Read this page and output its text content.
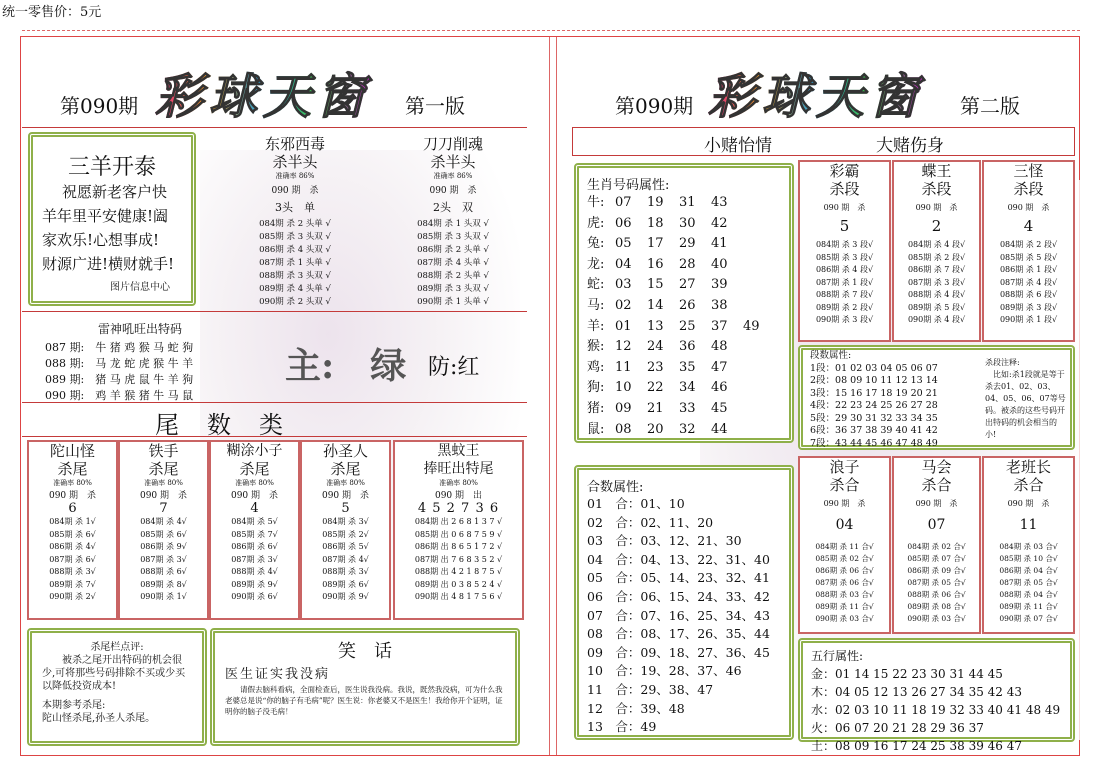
统一零售价：5元
第090期 彩球天窗 第一版
三羊开泰
祝愿新老客户快
羊年里平安健康!阖
家欢乐!心想事成!
财源广进!横财就手!
图片信息中心
东邪西毒
杀半头
准确率 86%
090 期　杀
3头　单
084期 杀 2 头单 √
085期 杀 3 头双 √
086期 杀 4 头双 √
087期 杀 1 头单 √
088期 杀 3 头双 √
089期 杀 4 头单 √
090期 杀 2 头双 √
刀刀削魂
杀半头
准确率 86%
090 期　杀
2头　双
084期 杀 1 头双 √
085期 杀 3 头双 √
086期 杀 2 头单 √
087期 杀 4 头单 √
088期 杀 2 头单 √
089期 杀 3 头双 √
090期 杀 1 头单 √
雷神吼旺出特码
087 期:　牛 猪 鸡 猴 马 蛇 狗
088 期:　马 龙 蛇 虎 猴 牛 羊
089 期:　猪 马 虎 鼠 牛 羊 狗
090 期:　鸡 羊 猴 猪 牛 马 鼠
主:　绿 防:红
尾　数　类
陀山怪
杀尾
准确率 80%
090 期　杀
6
084期 杀 1√
085期 杀 6√
086期 杀 4√
087期 杀 6√
088期 杀 3√
089期 杀 7√
090期 杀 2√
铁手
杀尾
准确率 80%
090 期　杀
7
084期 杀 4√
085期 杀 6√
086期 杀 9√
087期 杀 3√
088期 杀 6√
089期 杀 8√
090期 杀 1√
糊涂小子
杀尾
准确率 80%
090 期　杀
4
084期 杀 5√
085期 杀 7√
086期 杀 6√
087期 杀 3√
088期 杀 4√
089期 杀 9√
090期 杀 6√
孙圣人
杀尾
准确率 80%
090 期　杀
5
084期 杀 3√
085期 杀 2√
086期 杀 5√
087期 杀 4√
088期 杀 3√
089期 杀 6√
090期 杀 9√
黑蚊王
捧旺出特尾
准确率 80%
090 期　出
4 5 2 7 3 6
084期 出 2 6 8 1 3 7 √
085期 出 0 6 8 7 5 9 √
086期 出 8 6 5 1 7 2 √
087期 出 7 6 8 3 5 2 √
088期 出 4 2 1 8 7 5 √
089期 出 0 3 8 5 2 4 √
090期 出 4 8 1 7 5 6 √
杀尾栏点评:
被杀之尾开出特码的机会很少,可将那些号码排除不买或少买以降低投资成本!
本期参考杀尾:
陀山怪杀尾,孙圣人杀尾。
笑　话
医生证实我没病
请假去脑科看病，全面检查后，医生说我没病。我说，既然我没病，可为什么我老婆总是说“你的脑子有毛病”呢？医生说：你老婆又不是医生！我给你开个证明，证明你的脑子没毛病！
第090期 彩球天窗 第二版
小赌怡情	大赌伤身
生肖号码属性:
牛: 07	19	31	43
虎: 06	18	30	42
兔: 05	17	29	41
龙: 04	16	28	40
蛇: 03	15	27	39
马: 02	14	26	38
羊: 01	13	25	37	49
猴: 12	24	36	48
鸡: 11	23	35	47
狗: 10	22	34	46
猪: 09	21	33	45
鼠: 08	20	32	44
彩霸
杀段
090 期　杀
5
084期 杀 3 段√
085期 杀 3 段√
086期 杀 4 段√
087期 杀 1 段√
088期 杀 7 段√
089期 杀 2 段√
090期 杀 3 段√
蝶王
杀段
090 期　杀
2
084期 杀 4 段√
085期 杀 2 段√
086期 杀 7 段√
087期 杀 3 段√
088期 杀 4 段√
089期 杀 5 段√
090期 杀 4 段√
三怪
杀段
090 期　杀
4
084期 杀 2 段√
085期 杀 5 段√
086期 杀 1 段√
087期 杀 4 段√
088期 杀 6 段√
089期 杀 3 段√
090期 杀 1 段√
段数属性:
1段：01 02 03 04 05 06 07
2段：08 09 10 11 12 13 14
3段：15 16 17 18 19 20 21
4段：22 23 24 25 26 27 28
5段：29 30 31 32 33 34 35
6段：36 37 38 39 40 41 42
7段：43 44 45 46 47 48 49
杀段注释:
比如:杀1段就是等于杀去01、02、03、04、05、06、07等号码。被杀的这些号码开出特码的机会相当的小!
合数属性:
01　合：01、10
02　合：02、11、20
03　合：03、12、21、30
04　合：04、13、22、31、40
05　合：05、14、23、32、41
06　合：06、15、24、33、42
07　合：07、16、25、34、43
08　合：08、17、26、35、44
09　合：09、18、27、36、45
10　合：19、28、37、46
11　合：29、38、47
12　合：39、48
13　合：49
浪子
杀合
090 期　杀
04
084期 杀 11 合√
085期 杀 02 合√
086期 杀 06 合√
087期 杀 06 合√
088期 杀 03 合√
089期 杀 11 合√
090期 杀 03 合√
马会
杀合
090 期　杀
07
084期 杀 02 合√
085期 杀 07 合√
086期 杀 09 合√
087期 杀 05 合√
088期 杀 06 合√
089期 杀 08 合√
090期 杀 03 合√
老班长
杀合
090 期　杀
11
084期 杀 03 合√
085期 杀 10 合√
086期 杀 04 合√
087期 杀 05 合√
088期 杀 04 合√
089期 杀 11 合√
090期 杀 07 合√
五行属性:
金：01 14 15 22 23 30 31 44 45
木：04 05 12 13 26 27 34 35 42 43
水：02 03 10 11 18 19 32 33 40 41 48 49
火：06 07 20 21 28 29 36 37
土：08 09 16 17 24 25 38 39 46 47
